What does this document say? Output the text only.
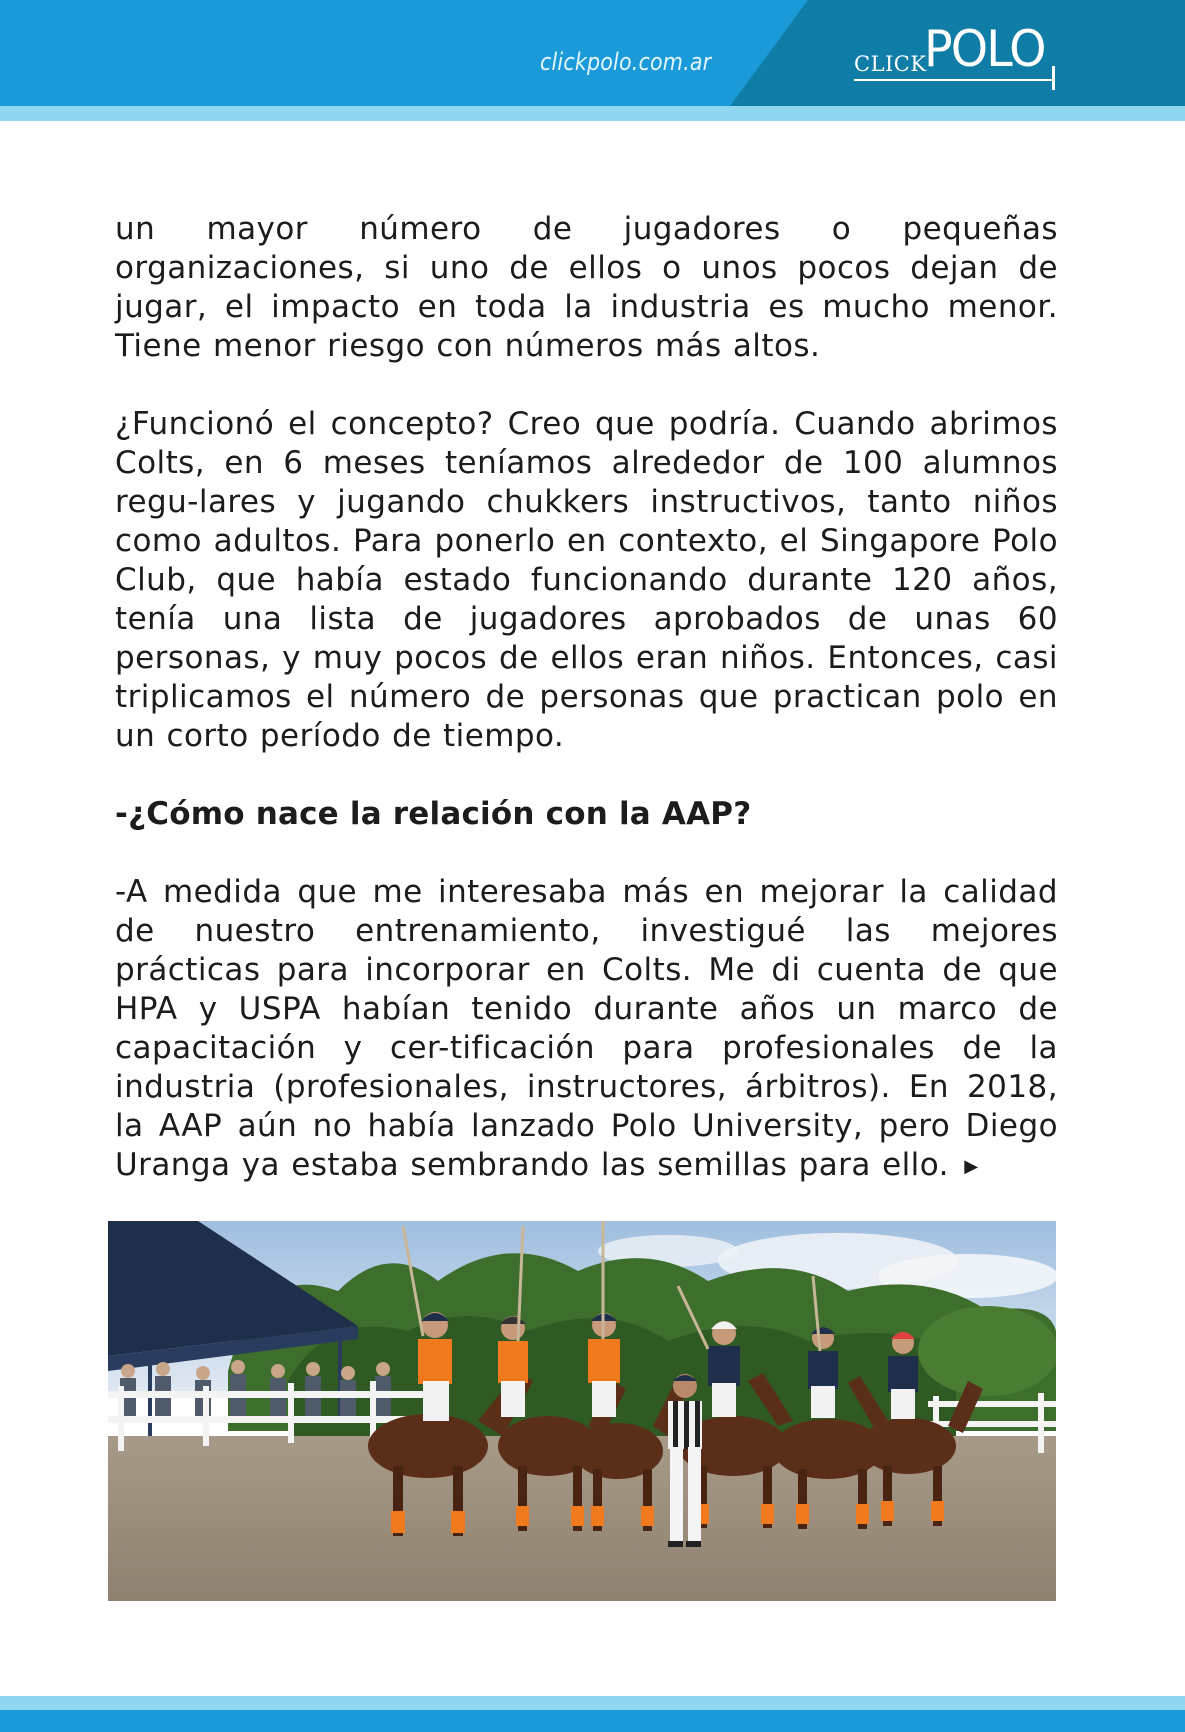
clickpolo.com.ar	CLICK
POLO

un mayor número de jugadores o pequeñas organizaciones, si uno de ellos o unos pocos dejan de jugar, el impacto en toda la industria es mucho menor. Tiene menor riesgo con números más altos.

¿Funcionó el concepto? Creo que podría. Cuando abrimos Colts, en 6 meses teníamos alrededor de 100 alumnos regu-lares y jugando chukkers instructivos, tanto niños como adultos. Para ponerlo en contexto, el Singapore Polo Club, que había estado funcionando durante 120 años, tenía una lista de jugadores aprobados de unas 60 personas, y muy pocos de ellos eran niños. Entonces, casi triplicamos el número de personas que practican polo en un corto período de tiempo.

-¿Cómo nace la relación con la AAP?

-A medida que me interesaba más en mejorar la calidad de nuestro entrenamiento, investigué las mejores prácticas para incorporar en Colts. Me di cuenta de que HPA y USPA habían tenido durante años un marco de capacitación y cer-tificación para profesionales de la industria (profesionales, instructores, árbitros). En 2018, la AAP aún no había lanzado Polo University, pero Diego Uranga ya estaba sembrando las semillas para ello. ▶
